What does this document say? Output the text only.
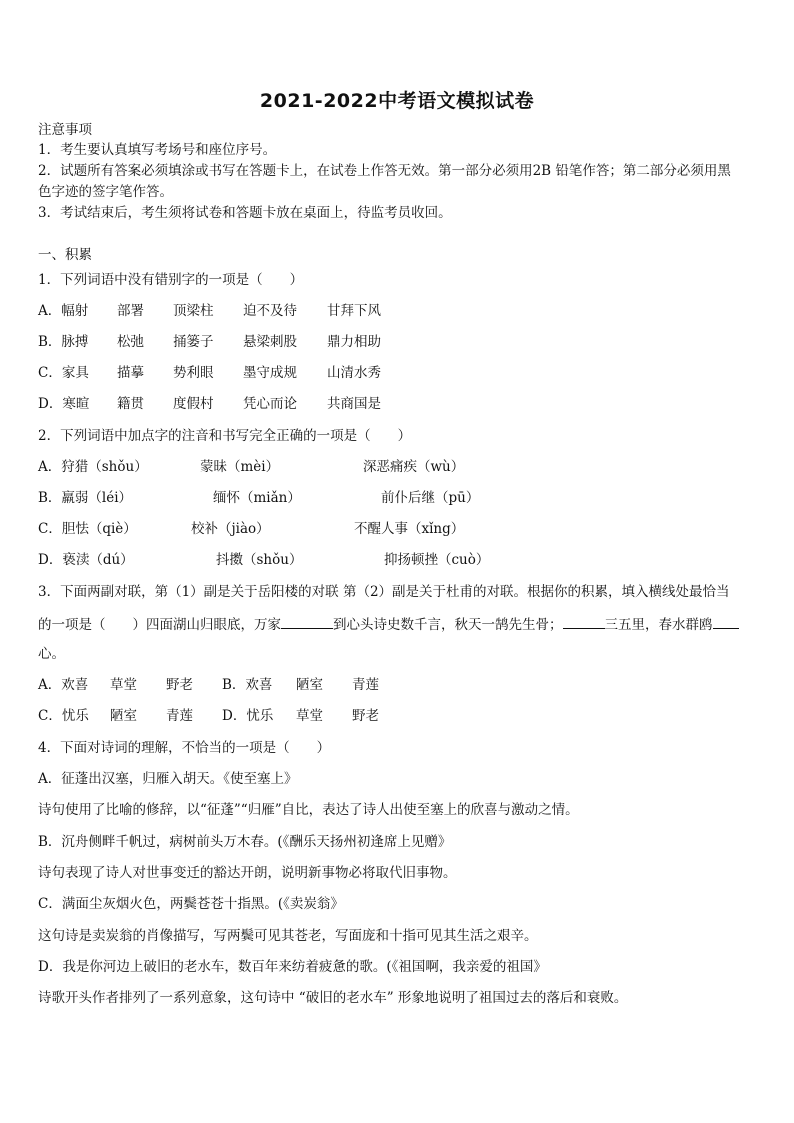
2021-2022中考语文模拟试卷
注意事项
1．考生要认真填写考场号和座位序号。
2．试题所有答案必须填涂或书写在答题卡上，在试卷上作答无效。第一部分必须用2B 铅笔作答；第二部分必须用黑
色字迹的签字笔作答。
3．考试结束后，考生须将试卷和答题卡放在桌面上，待监考员收回。
一、积累
1．下列词语中没有错别字的一项是（　　）
A．幅射 部署 顶梁柱 迫不及待 甘拜下风
B．脉搏 松弛 捅篓子 悬梁刺股 鼎力相助
C．家具 描摹 势利眼 墨守成规 山清水秀
D．寒暄 籍贯 度假村 凭心而论 共商国是
2．下列词语中加点字的注音和书写完全正确的一项是（　　）
A．狩猎（shǒu）	蒙昧（mèi）	深恶痛疾（wù）
B．羸弱（léi）	缅怀（miǎn）	前仆后继（pū）
C．胆怯（qiè）	校补（jiào）	不醒人事（xǐng）
D．亵渎（dú）	抖擞（shǒu）	抑扬顿挫（cuò）
3．下面两副对联，第（1）副是关于岳阳楼的对联 第（2）副是关于杜甫的对联。根据你的积累，填入横线处最恰当
的一项是（　　）四面湖山归眼底，万家	到心头诗史数千言，秋天一鹄先生骨；	三五里，春水群鸥
心。
A．欢喜 草堂 野老 B．欢喜 陋室 青莲
C．忧乐 陋室 青莲 D．忧乐 草堂 野老
4．下面对诗词的理解，不恰当的一项是（　　）
A．征蓬出汉塞，归雁入胡天。《使至塞上》
诗句使用了比喻的修辞，以“征蓬”“归雁”自比，表达了诗人出使至塞上的欣喜与激动之情。
B．沉舟侧畔千帆过，病树前头万木春。(《酬乐天扬州初逢席上见赠》
诗句表现了诗人对世事变迁的豁达开朗，说明新事物必将取代旧事物。
C．满面尘灰烟火色，两鬓苍苍十指黑。(《卖炭翁》
这句诗是卖炭翁的肖像描写，写两鬓可见其苍老，写面庞和十指可见其生活之艰辛。
D．我是你河边上破旧的老水车，数百年来纺着疲惫的歌。(《祖国啊，我亲爱的祖国》
诗歌开头作者排列了一系列意象，这句诗中 “破旧的老水车” 形象地说明了祖国过去的落后和衰败。
